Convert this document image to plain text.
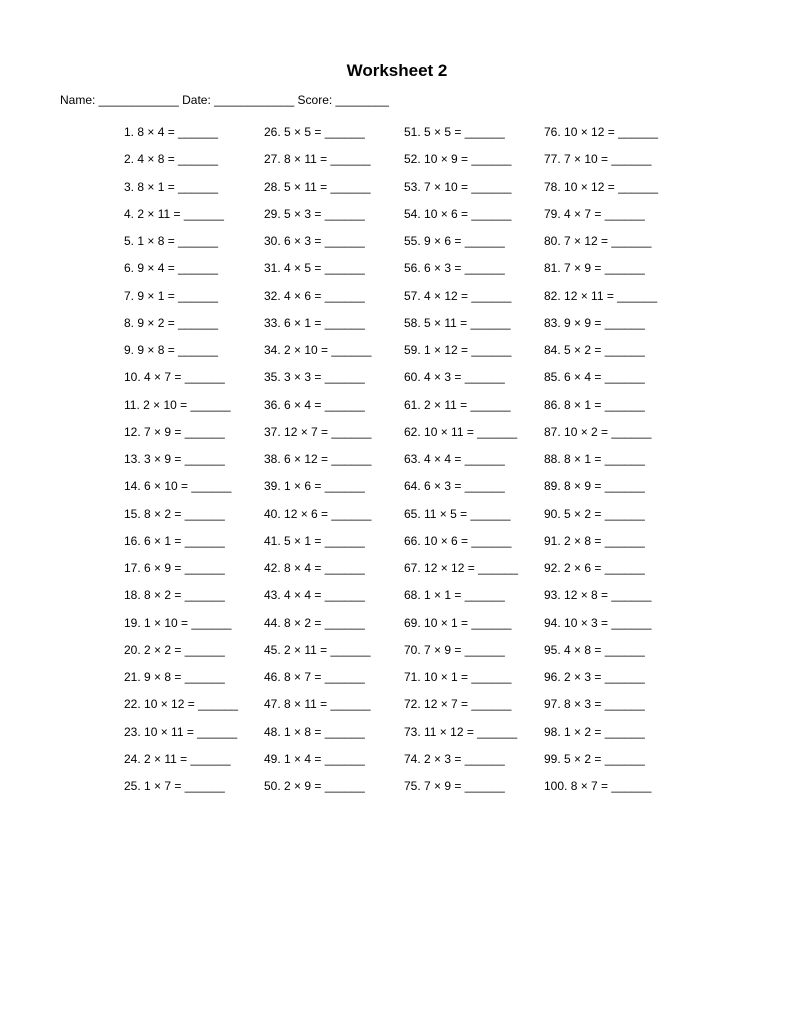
Worksheet 2
Name: ____________ Date: ____________ Score: ________
1. 8 × 4 = ______
2. 4 × 8 = ______
3. 8 × 1 = ______
4. 2 × 11 = ______
5. 1 × 8 = ______
6. 9 × 4 = ______
7. 9 × 1 = ______
8. 9 × 2 = ______
9. 9 × 8 = ______
10. 4 × 7 = ______
11. 2 × 10 = ______
12. 7 × 9 = ______
13. 3 × 9 = ______
14. 6 × 10 = ______
15. 8 × 2 = ______
16. 6 × 1 = ______
17. 6 × 9 = ______
18. 8 × 2 = ______
19. 1 × 10 = ______
20. 2 × 2 = ______
21. 9 × 8 = ______
22. 10 × 12 = ______
23. 10 × 11 = ______
24. 2 × 11 = ______
25. 1 × 7 = ______
26. 5 × 5 = ______
27. 8 × 11 = ______
28. 5 × 11 = ______
29. 5 × 3 = ______
30. 6 × 3 = ______
31. 4 × 5 = ______
32. 4 × 6 = ______
33. 6 × 1 = ______
34. 2 × 10 = ______
35. 3 × 3 = ______
36. 6 × 4 = ______
37. 12 × 7 = ______
38. 6 × 12 = ______
39. 1 × 6 = ______
40. 12 × 6 = ______
41. 5 × 1 = ______
42. 8 × 4 = ______
43. 4 × 4 = ______
44. 8 × 2 = ______
45. 2 × 11 = ______
46. 8 × 7 = ______
47. 8 × 11 = ______
48. 1 × 8 = ______
49. 1 × 4 = ______
50. 2 × 9 = ______
51. 5 × 5 = ______
52. 10 × 9 = ______
53. 7 × 10 = ______
54. 10 × 6 = ______
55. 9 × 6 = ______
56. 6 × 3 = ______
57. 4 × 12 = ______
58. 5 × 11 = ______
59. 1 × 12 = ______
60. 4 × 3 = ______
61. 2 × 11 = ______
62. 10 × 11 = ______
63. 4 × 4 = ______
64. 6 × 3 = ______
65. 11 × 5 = ______
66. 10 × 6 = ______
67. 12 × 12 = ______
68. 1 × 1 = ______
69. 10 × 1 = ______
70. 7 × 9 = ______
71. 10 × 1 = ______
72. 12 × 7 = ______
73. 11 × 12 = ______
74. 2 × 3 = ______
75. 7 × 9 = ______
76. 10 × 12 = ______
77. 7 × 10 = ______
78. 10 × 12 = ______
79. 4 × 7 = ______
80. 7 × 12 = ______
81. 7 × 9 = ______
82. 12 × 11 = ______
83. 9 × 9 = ______
84. 5 × 2 = ______
85. 6 × 4 = ______
86. 8 × 1 = ______
87. 10 × 2 = ______
88. 8 × 1 = ______
89. 8 × 9 = ______
90. 5 × 2 = ______
91. 2 × 8 = ______
92. 2 × 6 = ______
93. 12 × 8 = ______
94. 10 × 3 = ______
95. 4 × 8 = ______
96. 2 × 3 = ______
97. 8 × 3 = ______
98. 1 × 2 = ______
99. 5 × 2 = ______
100. 8 × 7 = ______
